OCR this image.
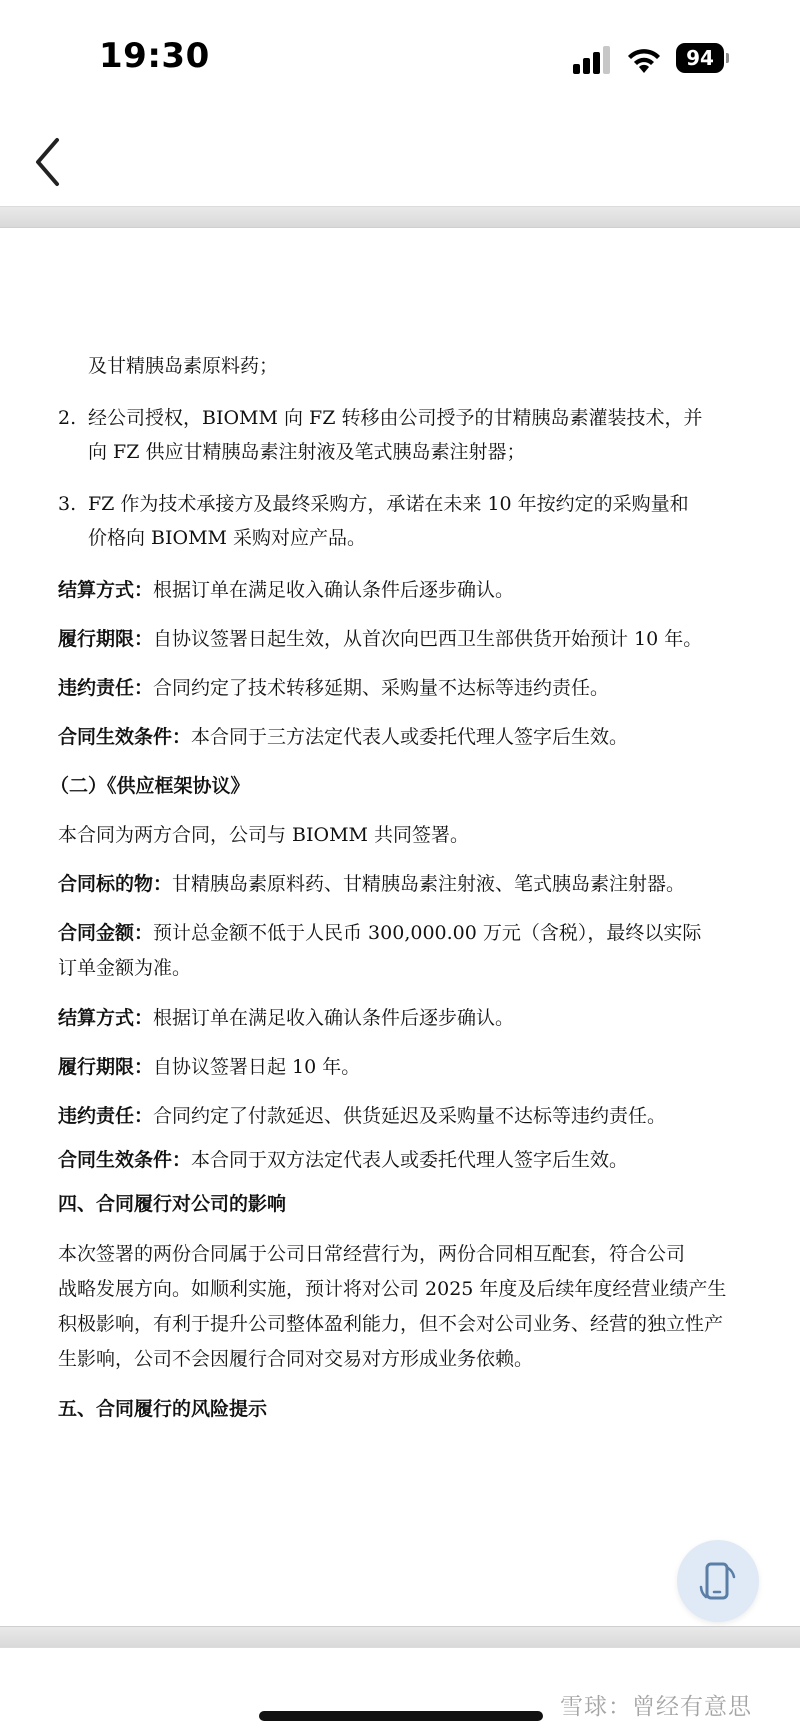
19:30	94

及甘精胰岛素原料药；

2. 经公司授权，BIOMM 向 FZ 转移由公司授予的甘精胰岛素灌装技术，并

向 FZ 供应甘精胰岛素注射液及笔式胰岛素注射器；

3. FZ 作为技术承接方及最终采购方，承诺在未来 10 年按约定的采购量和

价格向 BIOMM 采购对应产品。

结算方式：根据订单在满足收入确认条件后逐步确认。

履行期限：自协议签署日起生效，从首次向巴西卫生部供货开始预计 10 年。

违约责任：合同约定了技术转移延期、采购量不达标等违约责任。

合同生效条件：本合同于三方法定代表人或委托代理人签字后生效。

（二）《供应框架协议》

本合同为两方合同，公司与 BIOMM 共同签署。

合同标的物：甘精胰岛素原料药、甘精胰岛素注射液、笔式胰岛素注射器。

合同金额：预计总金额不低于人民币 300,000.00 万元（含税），最终以实际

订单金额为准。

结算方式：根据订单在满足收入确认条件后逐步确认。

履行期限：自协议签署日起 10 年。

违约责任：合同约定了付款延迟、供货延迟及采购量不达标等违约责任。

合同生效条件：本合同于双方法定代表人或委托代理人签字后生效。

四、合同履行对公司的影响

本次签署的两份合同属于公司日常经营行为，两份合同相互配套，符合公司

战略发展方向。如顺利实施，预计将对公司 2025 年度及后续年度经营业绩产生

积极影响，有利于提升公司整体盈利能力，但不会对公司业务、经营的独立性产

生影响，公司不会因履行合同对交易对方形成业务依赖。

五、合同履行的风险提示

雪球：曾经有意思
